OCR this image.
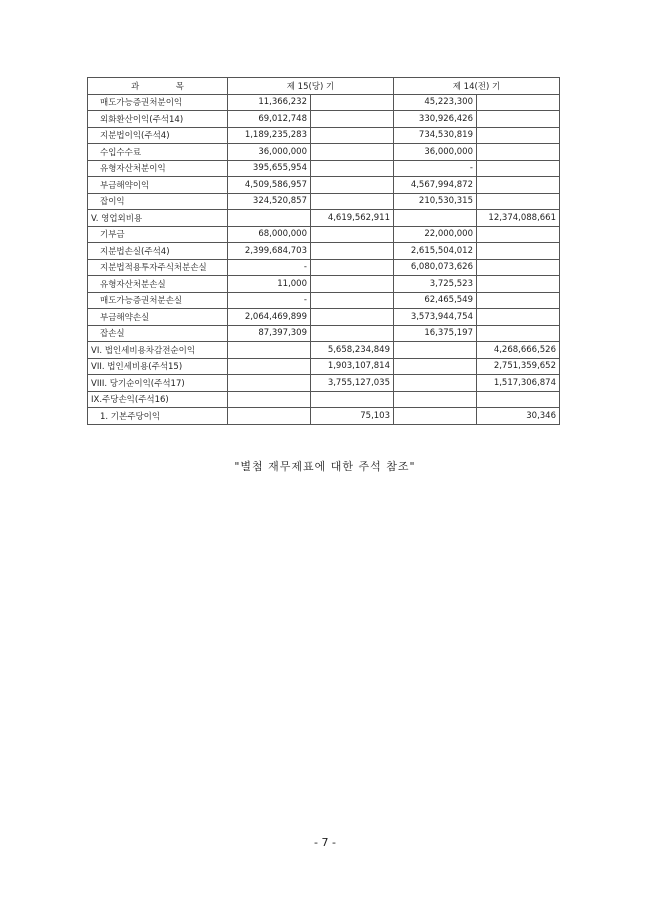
과 목	제 15(당) 기		제 14(전) 기	
매도가능증권처분이익	11,366,232		45,223,300	
외화환산이익(주석14)	69,012,748		330,926,426	
지분법이익(주석4)	1,189,235,283		734,530,819	
수입수수료	36,000,000		36,000,000	
유형자산처분이익	395,655,954		-	
부금해약이익	4,509,586,957		4,567,994,872	
잡이익	324,520,857		210,530,315	
V. 영업외비용		4,619,562,911		12,374,088,661
기부금	68,000,000		22,000,000	
지분법손실(주석4)	2,399,684,703		2,615,504,012	
지분법적용투자주식처분손실	-		6,080,073,626	
유형자산처분손실	11,000		3,725,523	
매도가능증권처분손실	-		62,465,549	
부금해약손실	2,064,469,899		3,573,944,754	
잡손실	87,397,309		16,375,197	
VI. 법인세비용차감전순이익		5,658,234,849		4,268,666,526
VII. 법인세비용(주석15)		1,903,107,814		2,751,359,652
VIII. 당기순이익(주석17)		3,755,127,035		1,517,306,874
IX.주당손익(주석16)				
1. 기본주당이익		75,103		30,346
"별첨 재무제표에 대한 주석 참조"
- 7 -
